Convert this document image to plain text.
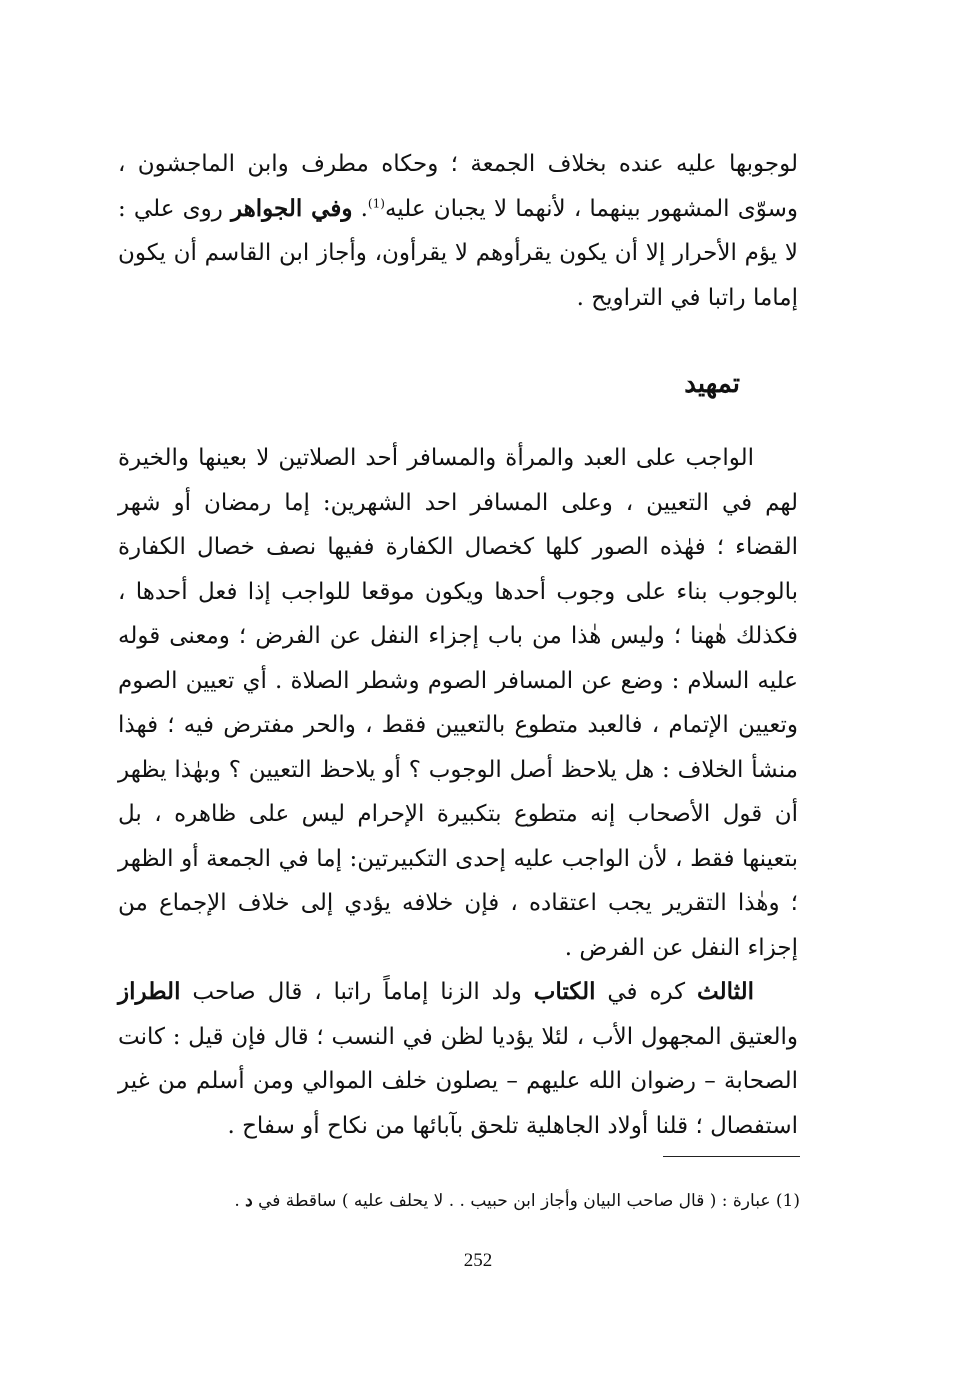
لوجوبها عليه عنده بخلاف الجمعة ؛ وحكاه مطرف وابن الماجشون ، وسوّى المشهور بينهما ، لأنهما لا يجبان عليه$^{(1)}$. وفي الجواهر روى علي : لا يؤم الأحرار إلا أن يكون يقرأوهم لا يقرأون، وأجاز ابن القاسم أن يكون إماما راتبا في التراويح .

تمهيد

الواجب على العبد والمرأة والمسافر أحد الصلاتين لا بعينها والخيرة لهم في التعيين ، وعلى المسافر احد الشهرين: إما رمضان أو شهر القضاء ؛ فهٰذه الصور كلها كخصال الكفارة ففيها نصف خصال الكفارة بالوجوب بناء على وجوب أحدها ويكون موقعا للواجب إذا فعل أحدها ، فكذلك هٰهنا ؛ وليس هٰذا من باب إجزاء النفل عن الفرض ؛ ومعنى قوله عليه السلام : وضع عن المسافر الصوم وشطر الصلاة . أي تعيين الصوم وتعيين الإتمام ، فالعبد متطوع بالتعيين فقط ، والحر مفترض فيه ؛ فهذا منشأ الخلاف : هل يلاحظ أصل الوجوب ؟ أو يلاحظ التعيين ؟ وبهٰذا يظهر أن قول الأصحاب إنه متطوع بتكبيرة الإحرام ليس على ظاهره ، بل بتعينها فقط ، لأن الواجب عليه إحدى التكبيرتين: إما في الجمعة أو الظهر ؛ وهٰذا التقرير يجب اعتقاده ، فإن خلافه يؤدي إلى خلاف الإجماع من إجزاء النفل عن الفرض .

الثالث كره في الكتاب ولد الزنا إماماً راتبا ، قال صاحب الطراز والعتيق المجهول الأب ، لئلا يؤديا لظن في النسب ؛ قال فإن قيل : كانت الصحابة – رضوان الله عليهم – يصلون خلف الموالي ومن أسلم من غير استفصال ؛ قلنا أولاد الجاهلية تلحق بآبائها من نكاح أو سفاح .

(1) عبارة : ( قال صاحب البيان وأجاز ابن حبيب . . لا يحلف عليه ) ساقطة في د .
252
